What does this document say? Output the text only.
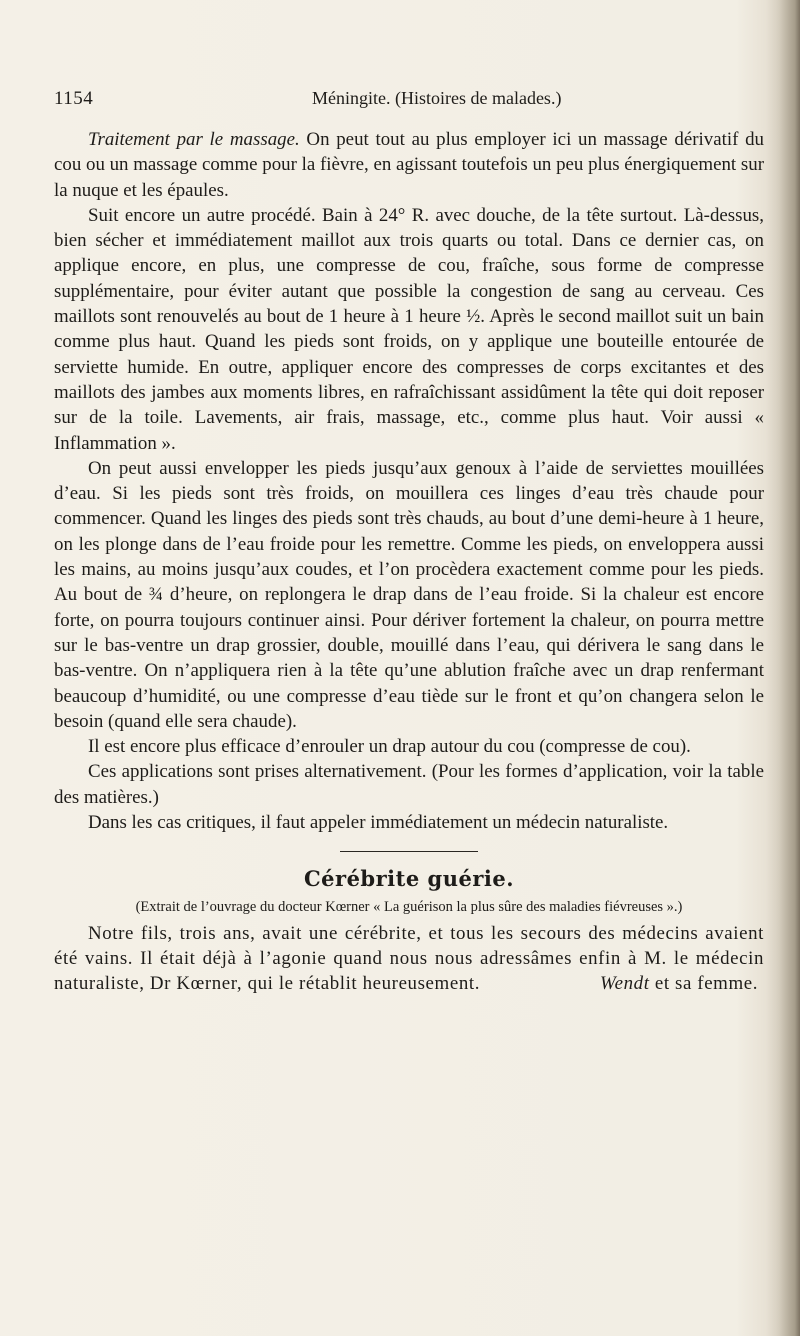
1154	Méningite. (Histoires de malades.)

Traitement par le massage. On peut tout au plus employer ici un massage dérivatif du cou ou un massage comme pour la fièvre, en agissant toutefois un peu plus énergiquement sur la nuque et les épaules.

Suit encore un autre procédé. Bain à 24° R. avec douche, de la tête surtout. Là-dessus, bien sécher et immédiatement maillot aux trois quarts ou total. Dans ce dernier cas, on applique encore, en plus, une compresse de cou, fraîche, sous forme de compresse supplémentaire, pour éviter autant que possible la congestion de sang au cerveau. Ces maillots sont renouvelés au bout de 1 heure à 1 heure ½. Après le second maillot suit un bain comme plus haut. Quand les pieds sont froids, on y applique une bouteille entourée de serviette humide. En outre, appliquer encore des compresses de corps excitantes et des maillots des jambes aux moments libres, en rafraîchissant assidûment la tête qui doit reposer sur de la toile. Lavements, air frais, massage, etc., comme plus haut. Voir aussi « Inflammation ».

On peut aussi envelopper les pieds jusqu’aux genoux à l’aide de serviettes mouillées d’eau. Si les pieds sont très froids, on mouillera ces linges d’eau très chaude pour commencer. Quand les linges des pieds sont très chauds, au bout d’une demi-heure à 1 heure, on les plonge dans de l’eau froide pour les remettre. Comme les pieds, on enveloppera aussi les mains, au moins jusqu’aux coudes, et l’on procèdera exactement comme pour les pieds. Au bout de ¾ d’heure, on replongera le drap dans de l’eau froide. Si la chaleur est encore forte, on pourra toujours continuer ainsi. Pour dériver fortement la chaleur, on pourra mettre sur le bas-ventre un drap grossier, double, mouillé dans l’eau, qui dérivera le sang dans le bas-ventre. On n’appliquera rien à la tête qu’une ablution fraîche avec un drap renfermant beaucoup d’humidité, ou une compresse d’eau tiède sur le front et qu’on changera selon le besoin (quand elle sera chaude).

Il est encore plus efficace d’enrouler un drap autour du cou (compresse de cou).

Ces applications sont prises alternativement. (Pour les formes d’application, voir la table des matières.)

Dans les cas critiques, il faut appeler immédiatement un médecin naturaliste.

Cérébrite guérie.
(Extrait de l’ouvrage du docteur Kœrner « La guérison la plus sûre des maladies fiévreuses ».)

Notre fils, trois ans, avait une cérébrite, et tous les secours des médecins avaient été vains. Il était déjà à l’agonie quand nous nous adressâmes enfin à M. le médecin naturaliste, Dr Kœrner, qui le rétablit heureusement.	Wendt et sa femme.
